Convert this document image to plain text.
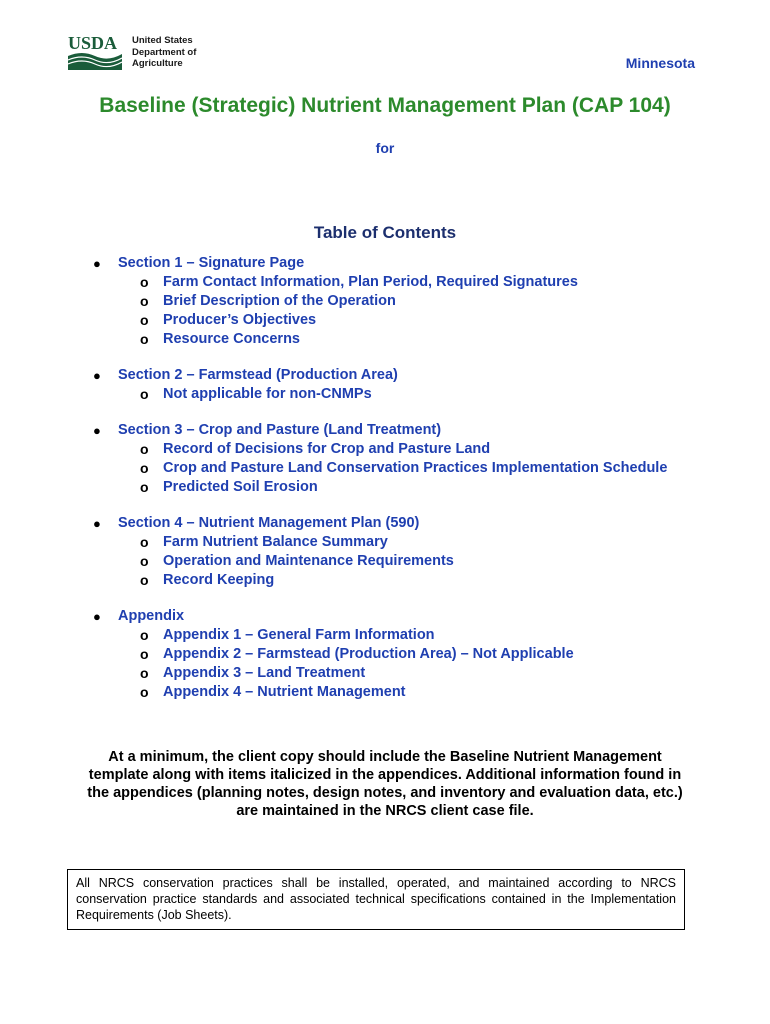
USDA United States
Department of
Agriculture	Minnesota
Baseline (Strategic) Nutrient Management Plan (CAP 104)
for
Table of Contents
● Section 1 – Signature Page
o Farm Contact Information, Plan Period, Required Signatures
o Brief Description of the Operation
o Producer’s Objectives
o Resource Concerns
● Section 2 – Farmstead (Production Area)
o Not applicable for non-CNMPs
● Section 3 – Crop and Pasture (Land Treatment)
o Record of Decisions for Crop and Pasture Land
o Crop and Pasture Land Conservation Practices Implementation Schedule
o Predicted Soil Erosion
● Section 4 – Nutrient Management Plan (590)
o Farm Nutrient Balance Summary
o Operation and Maintenance Requirements
o Record Keeping
● Appendix
o Appendix 1 – General Farm Information
o Appendix 2 – Farmstead (Production Area) – Not Applicable
o Appendix 3 – Land Treatment
o Appendix 4 – Nutrient Management
At a minimum, the client copy should include the Baseline Nutrient Management
template along with items italicized in the appendices. Additional information found in
the appendices (planning notes, design notes, and inventory and evaluation data, etc.)
are maintained in the NRCS client case file.
All NRCS conservation practices shall be installed, operated, and maintained according to NRCS conservation practice standards and associated technical specifications contained in the Implementation Requirements (Job Sheets).
